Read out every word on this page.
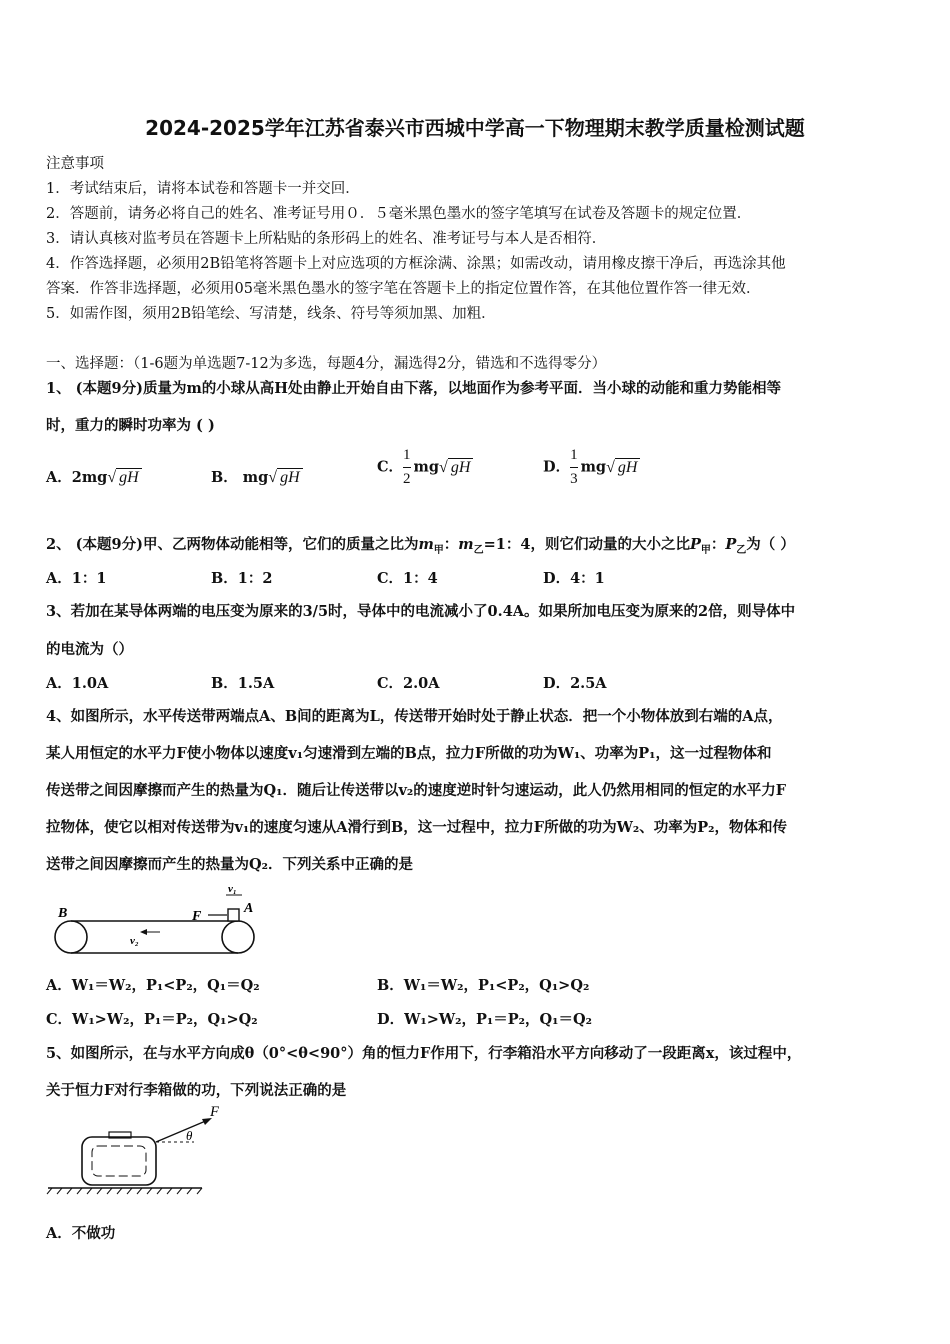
2024-2025学年江苏省泰兴市西城中学高一下物理期末教学质量检测试题
注意事项
1．考试结束后，请将本试卷和答题卡一并交回．
2．答题前，请务必将自己的姓名、准考证号用０．５毫米黑色墨水的签字笔填写在试卷及答题卡的规定位置．
3．请认真核对监考员在答题卡上所粘贴的条形码上的姓名、准考证号与本人是否相符．
4．作答选择题，必须用2B铅笔将答题卡上对应选项的方框涂满、涂黑；如需改动，请用橡皮擦干净后，再选涂其他
答案．作答非选择题，必须用05毫米黑色墨水的签字笔在答题卡上的指定位置作答，在其他位置作答一律无效．
5．如需作图，须用2B铅笔绘、写清楚，线条、符号等须加黑、加粗．
一、选择题：（1-6题为单选题7-12为多选，每题4分，漏选得2分，错选和不选得零分）
1、 (本题9分)质量为m的小球从高H处由静止开始自由下落，以地面作为参考平面．当小球的动能和重力势能相等
时，重力的瞬时功率为 ( )
A．2mg√ gH	B． mg√ gH
C． $\frac{1}{2} mg√$ gH	D． $\frac{1}{3} mg√$ gH
2、 (本题9分)甲、乙两物体动能相等，它们的质量之比为$m_甲$：$m_乙=1$：4，则它们动量的大小之比$P_甲$：$P_乙$为（ ）
A．1：1	B．1：2	C．1：4	D．4：1
3、若加在某导体两端的电压变为原来的3/5时，导体中的电流减小了0.4A。如果所加电压变为原来的2倍，则导体中
的电流为（）
A．1.0A	B．1.5A	C．2.0A	D．2.5A
4、如图所示，水平传送带两端点A、B间的距离为L，传送带开始时处于静止状态．把一个小物体放到右端的A点，
某人用恒定的水平力F使小物体以速度v₁匀速滑到左端的B点，拉力F所做的功为W₁、功率为P₁，这一过程物体和
传送带之间因摩擦而产生的热量为Q₁．随后让传送带以v₂的速度逆时针匀速运动，此人仍然用相同的恒定的水平力F
拉物体，使它以相对传送带为v₁的速度匀速从A滑行到B，这一过程中，拉力F所做的功为W₂、功率为P₂，物体和传
送带之间因摩擦而产生的热量为Q₂．下列关系中正确的是
B	F
A
v₁
v₂
A．W₁＝W₂，P₁<P₂，Q₁＝Q₂	B．W₁＝W₂，P₁<P₂，Q₁>Q₂
C．W₁>W₂，P₁＝P₂，Q₁>Q₂	D．W₁>W₂，P₁＝P₂，Q₁＝Q₂
5、如图所示，在与水平方向成θ（0°<θ<90°）角的恒力F作用下，行李箱沿水平方向移动了一段距离x，该过程中，
关于恒力F对行李箱做的功，下列说法正确的是
F
θ
A．不做功
